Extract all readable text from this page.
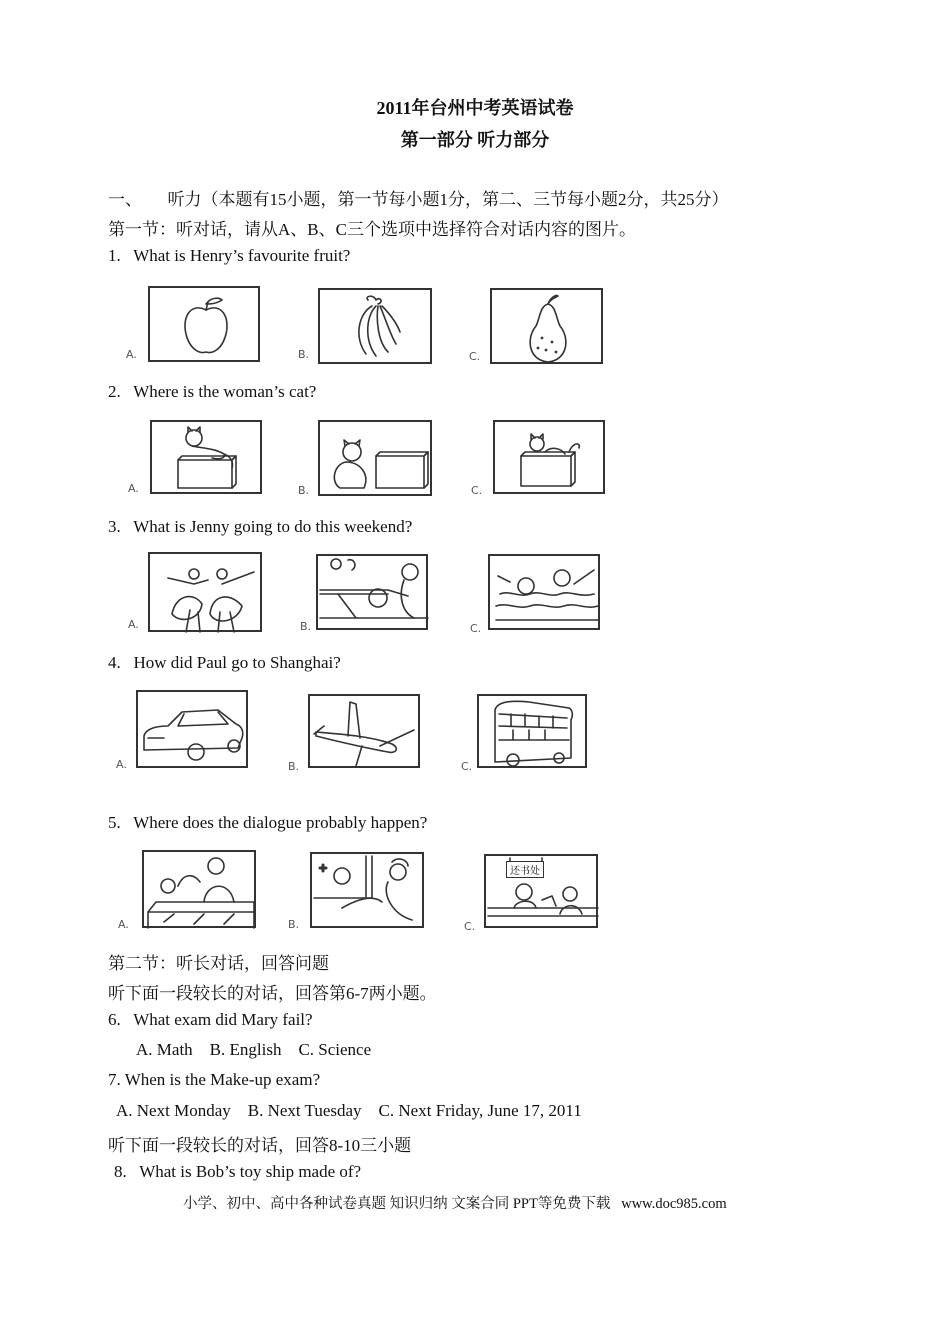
2011年台州中考英语试卷
第一部分 听力部分
一、      听力（本题有15小题，第一节每小题1分，第二、三节每小题2分，共25分）
第一节：听对话，请从A、B、C三个选项中选择符合对话内容的图片。
1. What is Henry’s favourite fruit?
A.	B.	C.
2. Where is the woman’s cat?
A.	B.	C.
3. What is Jenny going to do this weekend?
A.	B.	C.
4. How did Paul go to Shanghai?
A.	B.	C.
5. Where does the dialogue probably happen?
A.	B.	C.
还书处
第二节：听长对话，回答问题
听下面一段较长的对话，回答第6-7两小题。
6.   What exam did Mary fail?
A. Math    B. English    C. Science
7. When is the Make-up exam?
A. Next Monday    B. Next Tuesday    C. Next Friday, June 17, 2011
听下面一段较长的对话，回答8-10三小题
8.   What is Bob’s toy ship made of?
小学、初中、高中各种试卷真题 知识归纳 文案合同 PPT等免费下载   www.doc985.com
